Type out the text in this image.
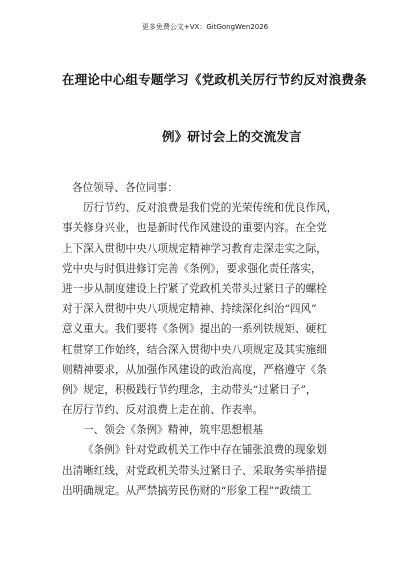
更多免费公文+VX：GitGongWen2026
在理论中心组专题学习《党政机关厉行节约反对浪费条
例》研讨会上的交流发言
各位领导、各位同事：
厉行节约、反对浪费是我们党的光荣传统和优良作风，
事关修身兴业，也是新时代作风建设的重要内容。在全党
上下深入贯彻中央八项规定精神学习教育走深走实之际，
党中央与时俱进修订完善《条例》，要求强化责任落实，
进一步从制度建设上拧紧了党政机关带头过紧日子的螺栓
对于深入贯彻中央八项规定精神、持续深化纠治“四风”
意义重大。我们要将《条例》提出的一系列铁规矩、硬杠
杠贯穿工作始终，结合深入贯彻中央八项规定及其实施细
则精神要求，从加强作风建设的政治高度，严格遵守《条
例》规定，积极践行节约理念，主动带头“过紧日子”，
在厉行节约、反对浪费上走在前、作表率。
一、领会《条例》精神，筑牢思想根基
《条例》针对党政机关工作中存在铺张浪费的现象划
出清晰红线，对党政机关带头过紧日子、采取务实举措提
出明确规定。从严禁搞劳民伤财的“形象工程”“政绩工
